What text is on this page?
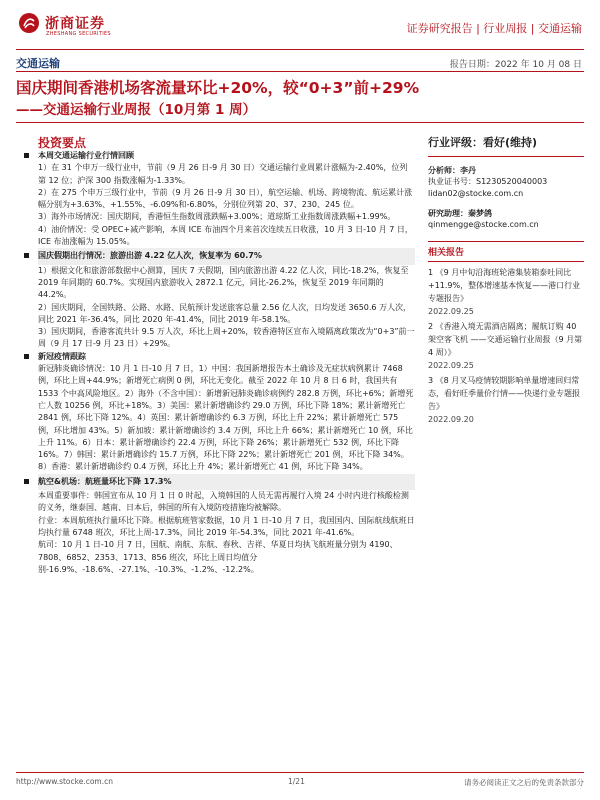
浙商证券
ZHESHANG SECURITIES	证券研究报告 | 行业周报 | 交通运输
交通运输	报告日期：2022 年 10 月 08 日
国庆期间香港机场客流量环比+20%，较“0+3”前+29%
——交通运输行业周报（10月第 1 周）
投资要点

本周交通运输行业行情回顾

1）在 31 个申万一级行业中，节前（9 月 26 日-9 月 30 日）交通运输行业周累计涨幅为-2.40%，位列第 12 位；沪深 300 指数涨幅为-1.33%。

2）在 275 个申万三级行业中，节前（9 月 26 日-9 月 30 日），航空运输、机场、跨境物流、航运累计涨幅分别为+3.63%、+1.55%、-6.09%和-6.80%，分别位列第 20、37、230、245 位。

3）海外市场情况：国庆期间，香港恒生指数周涨跌幅+3.00%；道琼斯工业指数周涨跌幅+1.99%。

4）油价情况：受 OPEC+减产影响，本周 ICE 布油四个月来首次连续五日收涨，10 月 3 日-10 月 7 日，ICE 布油涨幅为 15.05%。

国庆假期出行情况：旅游出游 4.22 亿人次，恢复率为 60.7%

1）根据文化和旅游部数据中心测算，国庆 7 天假期，国内旅游出游 4.22 亿人次，同比-18.2%，恢复至 2019 年同期的 60.7%。实现国内旅游收入 2872.1 亿元，同比-26.2%，恢复至 2019 年同期的 44.2%。

2）国庆期间，全国铁路、公路、水路、民航预计发送旅客总量 2.56 亿人次，日均发送 3650.6 万人次，同比 2021 年-36.4%，同比 2020 年-41.4%，同比 2019 年-58.1%。

3）国庆期间，香港客流共计 9.5 万人次，环比上周+20%，较香港特区宣布入境隔离政策改为“0+3”前一周（9 月 17 日-9 月 23 日）+29%。

新冠疫情跟踪

新冠肺炎确诊情况：10 月 1 日-10 月 7 日，1）中国：我国新增报告本土确诊及无症状病例累计 7468 例，环比上周+44.9%；新增死亡病例 0 例，环比无变化。截至 2022 年 10 月 8 日 6 时，我国共有 1533 个中高风险地区。2）海外（不含中国）：新增新冠肺炎确诊病例约 282.8 万例，环比+6%；新增死亡人数 10256 例，环比+18%。3）美国：累计新增确诊约 29.0 万例，环比下降 18%；累计新增死亡 2841 例，环比下降 12%。4）英国：累计新增确诊约 6.3 万例，环比上升 22%；累计新增死亡 575 例，环比增加 43%。5）新加坡：累计新增确诊约 3.4 万例，环比上升 66%；累计新增死亡 10 例，环比上升 11%。6）日本：累计新增确诊约 22.4 万例，环比下降 26%；累计新增死亡 532 例，环比下降 16%。7）韩国：累计新增确诊约 15.7 万例，环比下降 22%；累计新增死亡 201 例，环比下降 34%。8）香港：累计新增确诊约 0.4 万例，环比上升 4%；累计新增死亡 41 例，环比下降 34%。

航空&机场：航班量环比下降 17.3%

本周重要事件：韩国宣布从 10 月 1 日 0 时起，入境韩国的人员无需再履行入境 24 小时内进行核酸检测的义务，继泰国、越南、日本后，韩国的所有入境防疫措施均被解除。

行业：本周航班执行量环比下降。根据航班管家数据，10 月 1 日-10 月 7 日，我国国内、国际航线航班日均执行量 6748 班次，环比上周-17.3%，同比 2019 年-54.3%，同比 2021 年-41.6%。

航司：10 月 1 日-10 月 7 日，国航、南航、东航、春秋、吉祥、华夏日均执飞航班量分别为 4190、7808、6852、2353、1713、856 班次，环比上周日均值分别-16.9%、-18.6%、-27.1%、-10.3%、-1.2%、-12.2%。

行业评级：看好(维持)
分析师：李丹
执业证书号：S1230520040003
lidan02@stocke.com.cn
研究助理：秦梦鸽
qinmengge@stocke.com.cn
相关报告
1 《9 月中旬沿海班轮港集装箱泰吐同比+11.9%，整体增速基本恢复——港口行业专题报告》
2022.09.25
2 《香港入境无需酒店隔离；履航订购 40 架空客飞机 ——交通运输行业周报（9 月第 4 周）》
2022.09.25
3 《8 月叉马疫情较期影响单量增速回归常态，看好旺季量价行情——快递行业专题报告》
2022.09.20
http://www.stocke.com.cn	1/21	请务必阅读正文之后的免责条款部分
